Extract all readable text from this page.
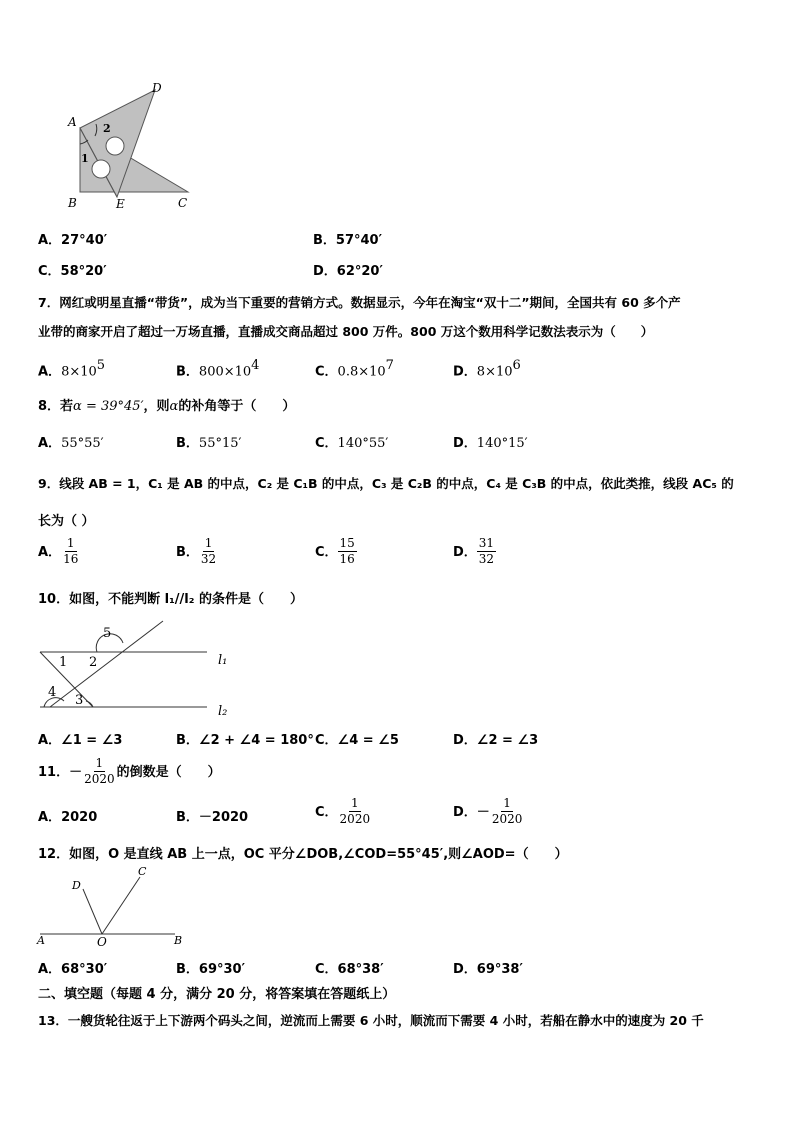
A
D
B	E	C
2
1
A．27°40′	B．57°40′
C．58°20′	D．62°20′
7．网红或明星直播“带货”，成为当下重要的营销方式。数据显示，今年在淘宝“双十二”期间，全国共有 60 多个产
业带的商家开启了超过一万场直播，直播成交商品超过 800 万件。800 万这个数用科学记数法表示为（　　）
A．$8\times 10^5$	B．$800\times 10^4$	C．$0.8\times 10^7$	D．$8\times 10^6$
8．若α = 39°45′，则α的补角等于（　　）
A．55°55′	B．55°15′	C．140°55′	D．140°15′
9．线段 AB = 1，C₁ 是 AB 的中点，C₂ 是 C₁B 的中点，C₃ 是 C₂B 的中点，C₄ 是 C₃B 的中点，依此类推，线段 AC₅ 的
长为（ ）
A． $\frac{1}{16}$	B． $\frac{1}{32}$	C． $\frac{15}{16}$	D． $\frac{31}{32}$
10．如图，不能判断 l₁//l₂ 的条件是（　　）
1 2
5
4
3
l₁
l₂
A．∠1 = ∠3	B．∠2 + ∠4 = 180° C．∠4 = ∠5	D．∠2 = ∠3
11．－ $\frac{1}{2020}$ 的倒数是（　　）
A．2020	B．－2020	C． $\frac{1}{2020}$	D．－ $\frac{1}{2020}$
12．如图，O 是直线 AB 上一点，OC 平分∠DOB,∠COD=55°45′,则∠AOD=（　　）
A	O	B
D
C
A．68°30′	B．69°30′	C．68°38′	D．69°38′
二、填空题（每题 4 分，满分 20 分，将答案填在答题纸上）
13．一艘货轮往返于上下游两个码头之间，逆流而上需要 6 小时，顺流而下需要 4 小时，若船在静水中的速度为 20 千
